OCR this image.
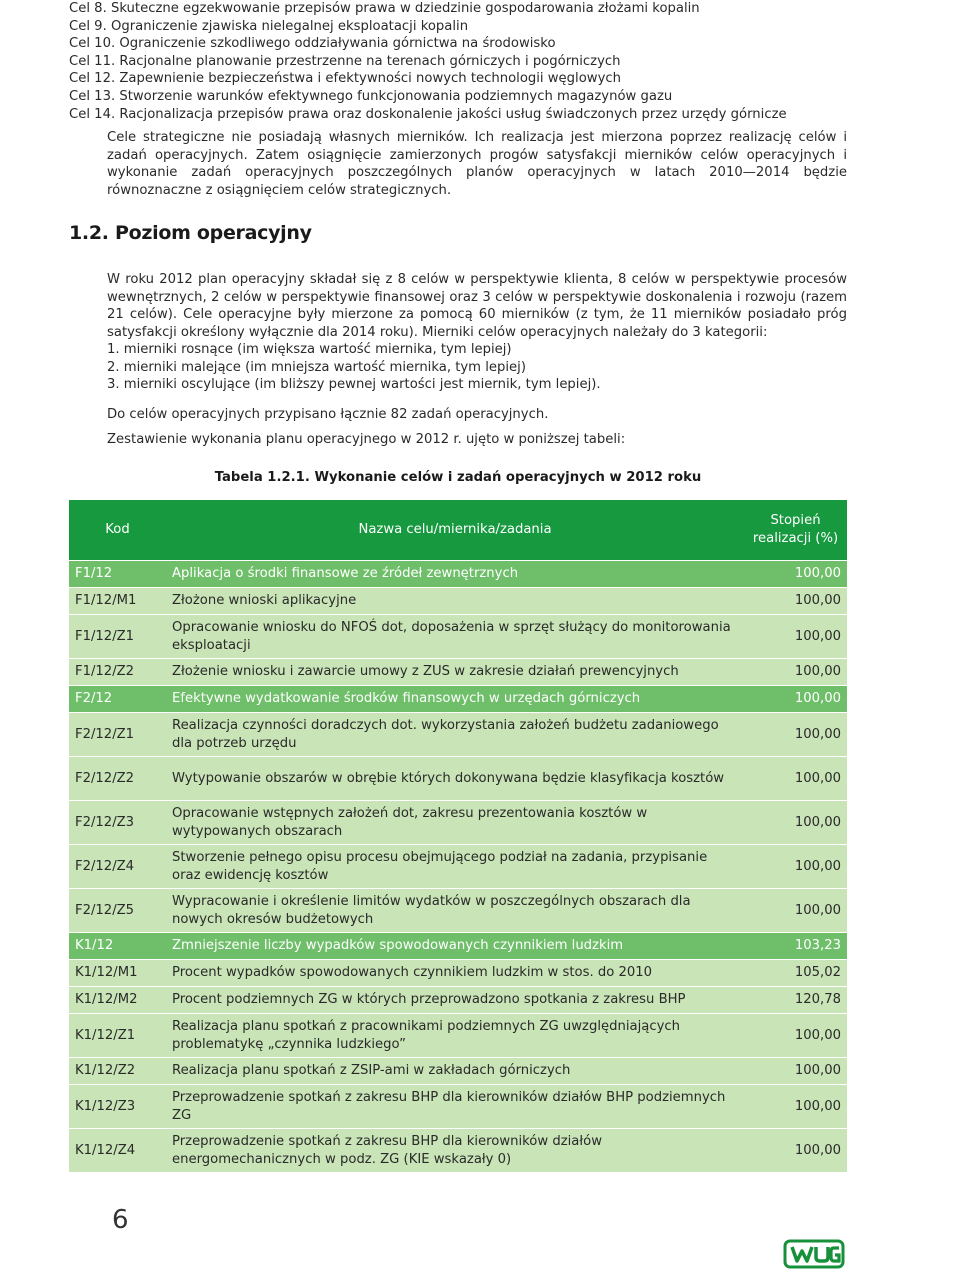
Cel 8. Skuteczne egzekwowanie przepisów prawa w dziedzinie gospodarowania złożami kopalin
Cel 9. Ograniczenie zjawiska nielegalnej eksploatacji kopalin
Cel 10. Ograniczenie szkodliwego oddziaływania górnictwa na środowisko
Cel 11. Racjonalne planowanie przestrzenne na terenach górniczych i pogórniczych
Cel 12. Zapewnienie bezpieczeństwa i efektywności nowych technologii węglowych
Cel 13. Stworzenie warunków efektywnego funkcjonowania podziemnych magazynów gazu
Cel 14. Racjonalizacja przepisów prawa oraz doskonalenie jakości usług świadczonych przez urzędy górnicze
Cele strategiczne nie posiadają własnych mierników. Ich realizacja jest mierzona poprzez realizację celów i zadań operacyjnych. Zatem osiągnięcie zamierzonych progów satysfakcji mierników celów operacyjnych i wykonanie zadań operacyjnych poszczególnych planów operacyjnych w latach 2010—2014 będzie równoznaczne z osiągnięciem celów strategicznych.
1.2. Poziom operacyjny
W roku 2012 plan operacyjny składał się z 8 celów w perspektywie klienta, 8 celów w perspektywie procesów wewnętrznych, 2 celów w perspektywie finansowej oraz 3 celów w perspektywie doskonalenia i rozwoju (razem 21 celów). Cele operacyjne były mierzone za pomocą 60 mierników (z tym, że 11 mierników posiadało próg satysfakcji określony wyłącznie dla 2014 roku). Mierniki celów operacyjnych należały do 3 kategorii:
1. mierniki rosnące (im większa wartość miernika, tym lepiej)
2. mierniki malejące (im mniejsza wartość miernika, tym lepiej)
3. mierniki oscylujące (im bliższy pewnej wartości jest miernik, tym lepiej).
Do celów operacyjnych przypisano łącznie 82 zadań operacyjnych.
Zestawienie wykonania planu operacyjnego w 2012 r. ujęto w poniższej tabeli:
Tabela 1.2.1. Wykonanie celów i zadań operacyjnych w 2012 roku
Kod	Nazwa celu/miernika/zadania	Stopień realizacji (%)
F1/12	Aplikacja o środki finansowe ze źródeł zewnętrznych	100,00
F1/12/M1	Złożone wnioski aplikacyjne	100,00
F1/12/Z1	Opracowanie wniosku do NFOŚ dot, doposażenia w sprzęt służący do monitorowania eksploatacji	100,00
F1/12/Z2	Złożenie wniosku i zawarcie umowy z ZUS w zakresie działań prewencyjnych	100,00
F2/12	Efektywne wydatkowanie środków finansowych w urzędach górniczych	100,00
F2/12/Z1	Realizacja czynności doradczych dot. wykorzystania założeń budżetu zadaniowego dla potrzeb urzędu	100,00
F2/12/Z2	Wytypowanie obszarów w obrębie których dokonywana będzie klasyfikacja kosztów	100,00
F2/12/Z3	Opracowanie wstępnych założeń dot, zakresu prezentowania kosztów w wytypowanych obszarach	100,00
F2/12/Z4	Stworzenie pełnego opisu procesu obejmującego podział na zadania, przypisanie oraz ewidencję kosztów	100,00
F2/12/Z5	Wypracowanie i określenie limitów wydatków w poszczególnych obszarach dla nowych okresów budżetowych	100,00
K1/12	Zmniejszenie liczby wypadków spowodowanych czynnikiem ludzkim	103,23
K1/12/M1	Procent wypadków spowodowanych czynnikiem ludzkim w stos. do 2010	105,02
K1/12/M2	Procent podziemnych ZG w których przeprowadzono spotkania z zakresu BHP	120,78
K1/12/Z1	Realizacja planu spotkań z pracownikami podziemnych ZG uwzględniających problematykę „czynnika ludzkiego”	100,00
K1/12/Z2	Realizacja planu spotkań z ZSIP-ami w zakładach górniczych	100,00
K1/12/Z3	Przeprowadzenie spotkań z zakresu BHP dla kierowników działów BHP podziemnych ZG	100,00
K1/12/Z4	Przeprowadzenie spotkań z zakresu BHP dla kierowników działów energomechanicznych w podz. ZG (KIE wskazały 0)	100,00
6
